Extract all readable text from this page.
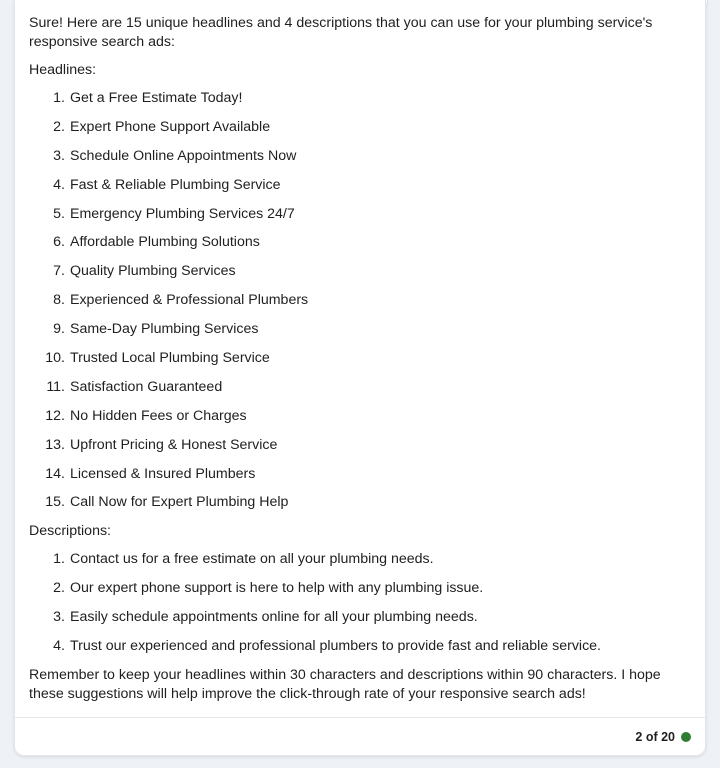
Sure! Here are 15 unique headlines and 4 descriptions that you can use for your plumbing service's responsive search ads:

Headlines:

1. Get a Free Estimate Today!
2. Expert Phone Support Available
3. Schedule Online Appointments Now
4. Fast & Reliable Plumbing Service
5. Emergency Plumbing Services 24/7
6. Affordable Plumbing Solutions
7. Quality Plumbing Services
8. Experienced & Professional Plumbers
9. Same-Day Plumbing Services
10. Trusted Local Plumbing Service
11. Satisfaction Guaranteed
12. No Hidden Fees or Charges
13. Upfront Pricing & Honest Service
14. Licensed & Insured Plumbers
15. Call Now for Expert Plumbing Help

Descriptions:

1. Contact us for a free estimate on all your plumbing needs.
2. Our expert phone support is here to help with any plumbing issue.
3. Easily schedule appointments online for all your plumbing needs.
4. Trust our experienced and professional plumbers to provide fast and reliable service.

Remember to keep your headlines within 30 characters and descriptions within 90 characters. I hope these suggestions will help improve the click-through rate of your responsive search ads!

2 of 20
